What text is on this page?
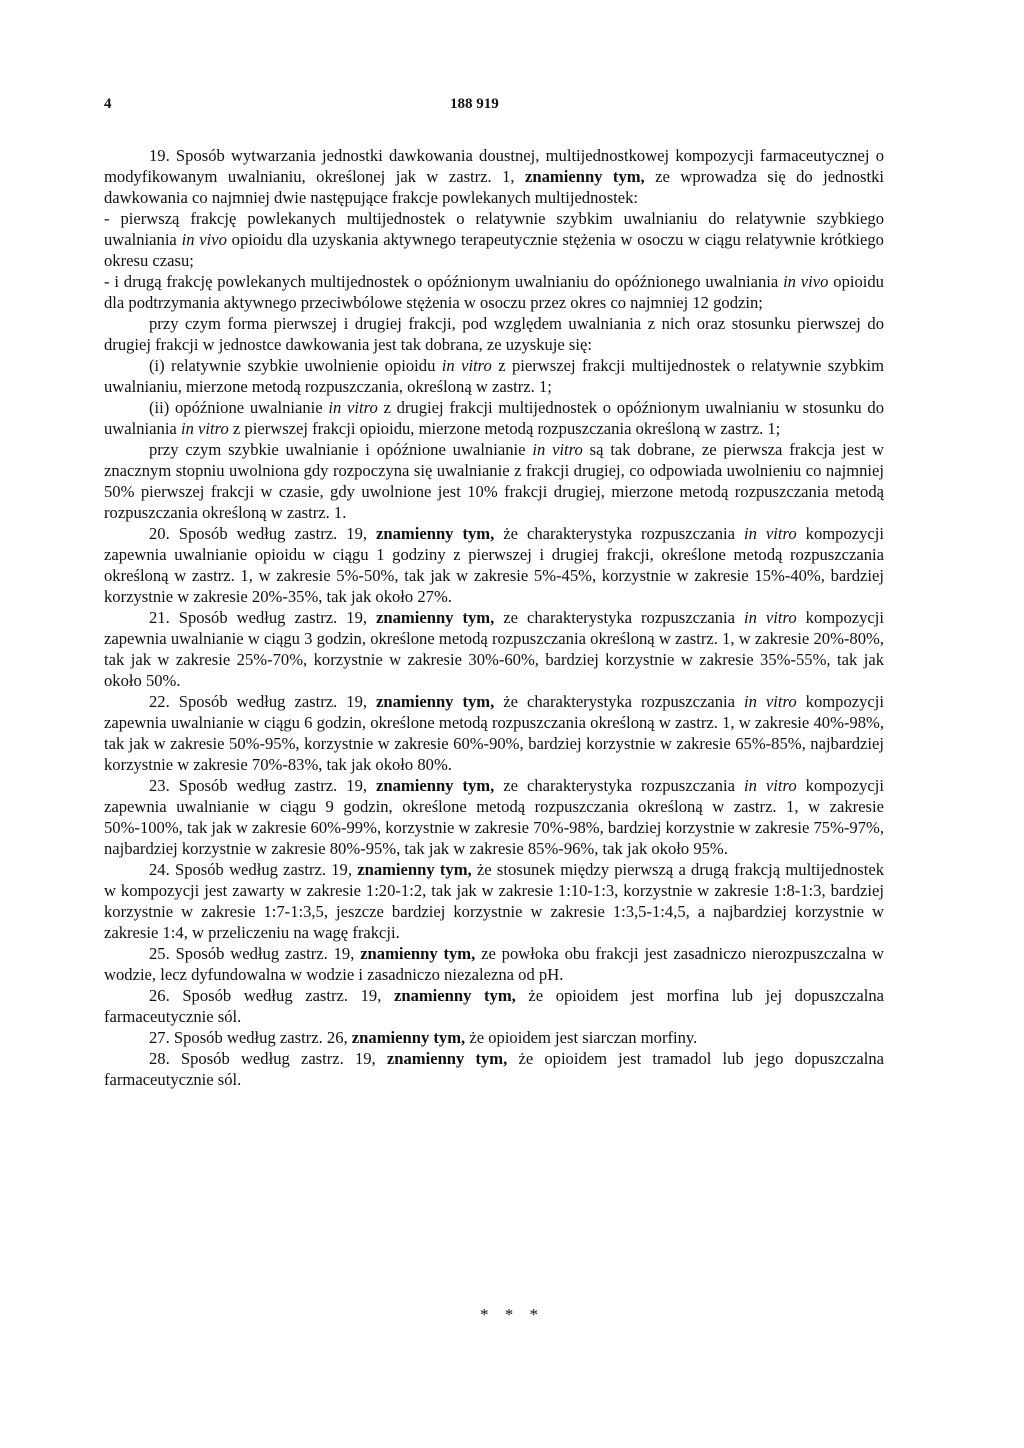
4	188 919

19. Sposób wytwarzania jednostki dawkowania doustnej, multijednostkowej kompozycji farmaceutycznej o modyfikowanym uwalnianiu, określonej jak w zastrz. 1, znamienny tym, ze wprowadza się do jednostki dawkowania co najmniej dwie następujące frakcje powlekanych multijednostek:

- pierwszą frakcję powlekanych multijednostek o relatywnie szybkim uwalnianiu do relatywnie szybkiego uwalniania in vivo opioidu dla uzyskania aktywnego terapeutycznie stężenia w osoczu w ciągu relatywnie krótkiego okresu czasu;

- i drugą frakcję powlekanych multijednostek o opóźnionym uwalnianiu do opóźnionego uwalniania in vivo opioidu dla podtrzymania aktywnego przeciwbólowe stężenia w osoczu przez okres co najmniej 12 godzin;

przy czym forma pierwszej i drugiej frakcji, pod względem uwalniania z nich oraz stosunku pierwszej do drugiej frakcji w jednostce dawkowania jest tak dobrana, ze uzyskuje się:

(i) relatywnie szybkie uwolnienie opioidu in vitro z pierwszej frakcji multijednostek o relatywnie szybkim uwalnianiu, mierzone metodą rozpuszczania, określoną w zastrz. 1;

(ii) opóźnione uwalnianie in vitro z drugiej frakcji multijednostek o opóźnionym uwalnianiu w stosunku do uwalniania in vitro z pierwszej frakcji opioidu, mierzone metodą rozpuszczania określoną w zastrz. 1;

przy czym szybkie uwalnianie i opóźnione uwalnianie in vitro są tak dobrane, ze pierwsza frakcja jest w znacznym stopniu uwolniona gdy rozpoczyna się uwalnianie z frakcji drugiej, co odpowiada uwolnieniu co najmniej 50% pierwszej frakcji w czasie, gdy uwolnione jest 10% frakcji drugiej, mierzone metodą rozpuszczania metodą rozpuszczania określoną w zastrz. 1.

20. Sposób według zastrz. 19, znamienny tym, że charakterystyka rozpuszczania in vitro kompozycji zapewnia uwalnianie opioidu w ciągu 1 godziny z pierwszej i drugiej frakcji, określone metodą rozpuszczania określoną w zastrz. 1, w zakresie 5%-50%, tak jak w zakresie 5%-45%, korzystnie w zakresie 15%-40%, bardziej korzystnie w zakresie 20%-35%, tak jak około 27%.

21. Sposób według zastrz. 19, znamienny tym, ze charakterystyka rozpuszczania in vitro kompozycji zapewnia uwalnianie w ciągu 3 godzin, określone metodą rozpuszczania określoną w zastrz. 1, w zakresie 20%-80%, tak jak w zakresie 25%-70%, korzystnie w zakresie 30%-60%, bardziej korzystnie w zakresie 35%-55%, tak jak około 50%.

22. Sposób według zastrz. 19, znamienny tym, że charakterystyka rozpuszczania in vitro kompozycji zapewnia uwalnianie w ciągu 6 godzin, określone metodą rozpuszczania określoną w zastrz. 1, w zakresie 40%-98%, tak jak w zakresie 50%-95%, korzystnie w zakresie 60%-90%, bardziej korzystnie w zakresie 65%-85%, najbardziej korzystnie w zakresie 70%-83%, tak jak około 80%.

23. Sposób według zastrz. 19, znamienny tym, ze charakterystyka rozpuszczania in vitro kompozycji zapewnia uwalnianie w ciągu 9 godzin, określone metodą rozpuszczania określoną w zastrz. 1, w zakresie 50%-100%, tak jak w zakresie 60%-99%, korzystnie w zakresie 70%-98%, bardziej korzystnie w zakresie 75%-97%, najbardziej korzystnie w zakresie 80%-95%, tak jak w zakresie 85%-96%, tak jak około 95%.

24. Sposób według zastrz. 19, znamienny tym, że stosunek między pierwszą a drugą frakcją multijednostek w kompozycji jest zawarty w zakresie 1:20-1:2, tak jak w zakresie 1:10-1:3, korzystnie w zakresie 1:8-1:3, bardziej korzystnie w zakresie 1:7-1:3,5, jeszcze bardziej korzystnie w zakresie 1:3,5-1:4,5, a najbardziej korzystnie w zakresie 1:4, w przeliczeniu na wagę frakcji.

25. Sposób według zastrz. 19, znamienny tym, ze powłoka obu frakcji jest zasadniczo nierozpuszczalna w wodzie, lecz dyfundowalna w wodzie i zasadniczo niezalezna od pH.

26. Sposób według zastrz. 19, znamienny tym, że opioidem jest morfina lub jej dopuszczalna farmaceutycznie sól.

27. Sposób według zastrz. 26, znamienny tym, że opioidem jest siarczan morfiny.

28. Sposób według zastrz. 19, znamienny tym, że opioidem jest tramadol lub jego dopuszczalna farmaceutycznie sól.

* * *
